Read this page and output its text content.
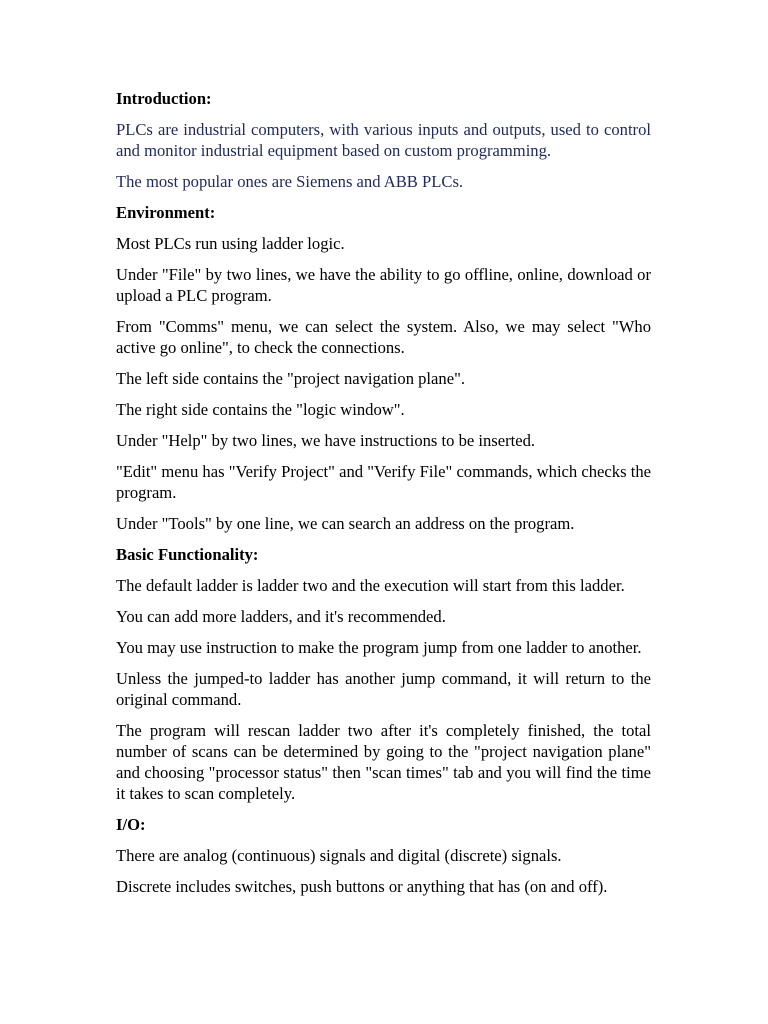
Introduction:

PLCs are industrial computers, with various inputs and outputs, used to control and monitor industrial equipment based on custom programming.

The most popular ones are Siemens and ABB PLCs.

Environment:

Most PLCs run using ladder logic.

Under "File" by two lines, we have the ability to go offline, online, download or upload a PLC program.

From "Comms" menu, we can select the system. Also, we may select "Who active go online", to check the connections.

The left side contains the "project navigation plane".

The right side contains the "logic window".

Under "Help" by two lines, we have instructions to be inserted.

"Edit" menu has "Verify Project" and "Verify File" commands, which checks the program.

Under "Tools" by one line, we can search an address on the program.

Basic Functionality:

The default ladder is ladder two and the execution will start from this ladder.

You can add more ladders, and it's recommended.

You may use instruction to make the program jump from one ladder to another.

Unless the jumped-to ladder has another jump command, it will return to the original command.

The program will rescan ladder two after it's completely finished, the total number of scans can be determined by going to the "project navigation plane" and choosing "processor status" then "scan times" tab and you will find the time it takes to scan completely.

I/O:

There are analog (continuous) signals and digital (discrete) signals.

Discrete includes switches, push buttons or anything that has (on and off).
